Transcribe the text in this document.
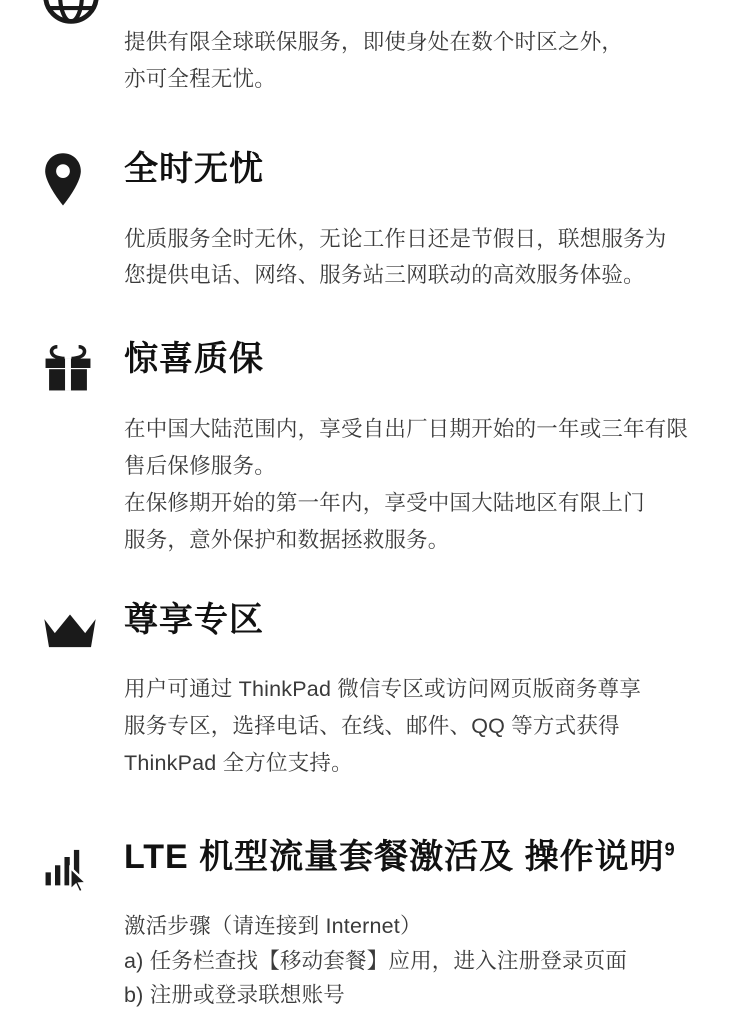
提供有限全球联保服务，即使身处在数个时区之外，
亦可全程无忧。
全时无忧
优质服务全时无休，无论工作日还是节假日，联想服务为
您提供电话、网络、服务站三网联动的高效服务体验。
惊喜质保
在中国大陆范围内，享受自出厂日期开始的一年或三年有限
售后保修服务。
在保修期开始的第一年内，享受中国大陆地区有限上门
服务，意外保护和数据拯救服务。
尊享专区
用户可通过 ThinkPad 微信专区或访问网页版商务尊享
服务专区，选择电话、在线、邮件、QQ 等方式获得
ThinkPad 全方位支持。
LTE 机型流量套餐激活及 操作说明$^9$
激活步骤（请连接到 Internet）
a) 任务栏查找【移动套餐】应用，进入注册登录页面
b) 注册或登录联想账号
